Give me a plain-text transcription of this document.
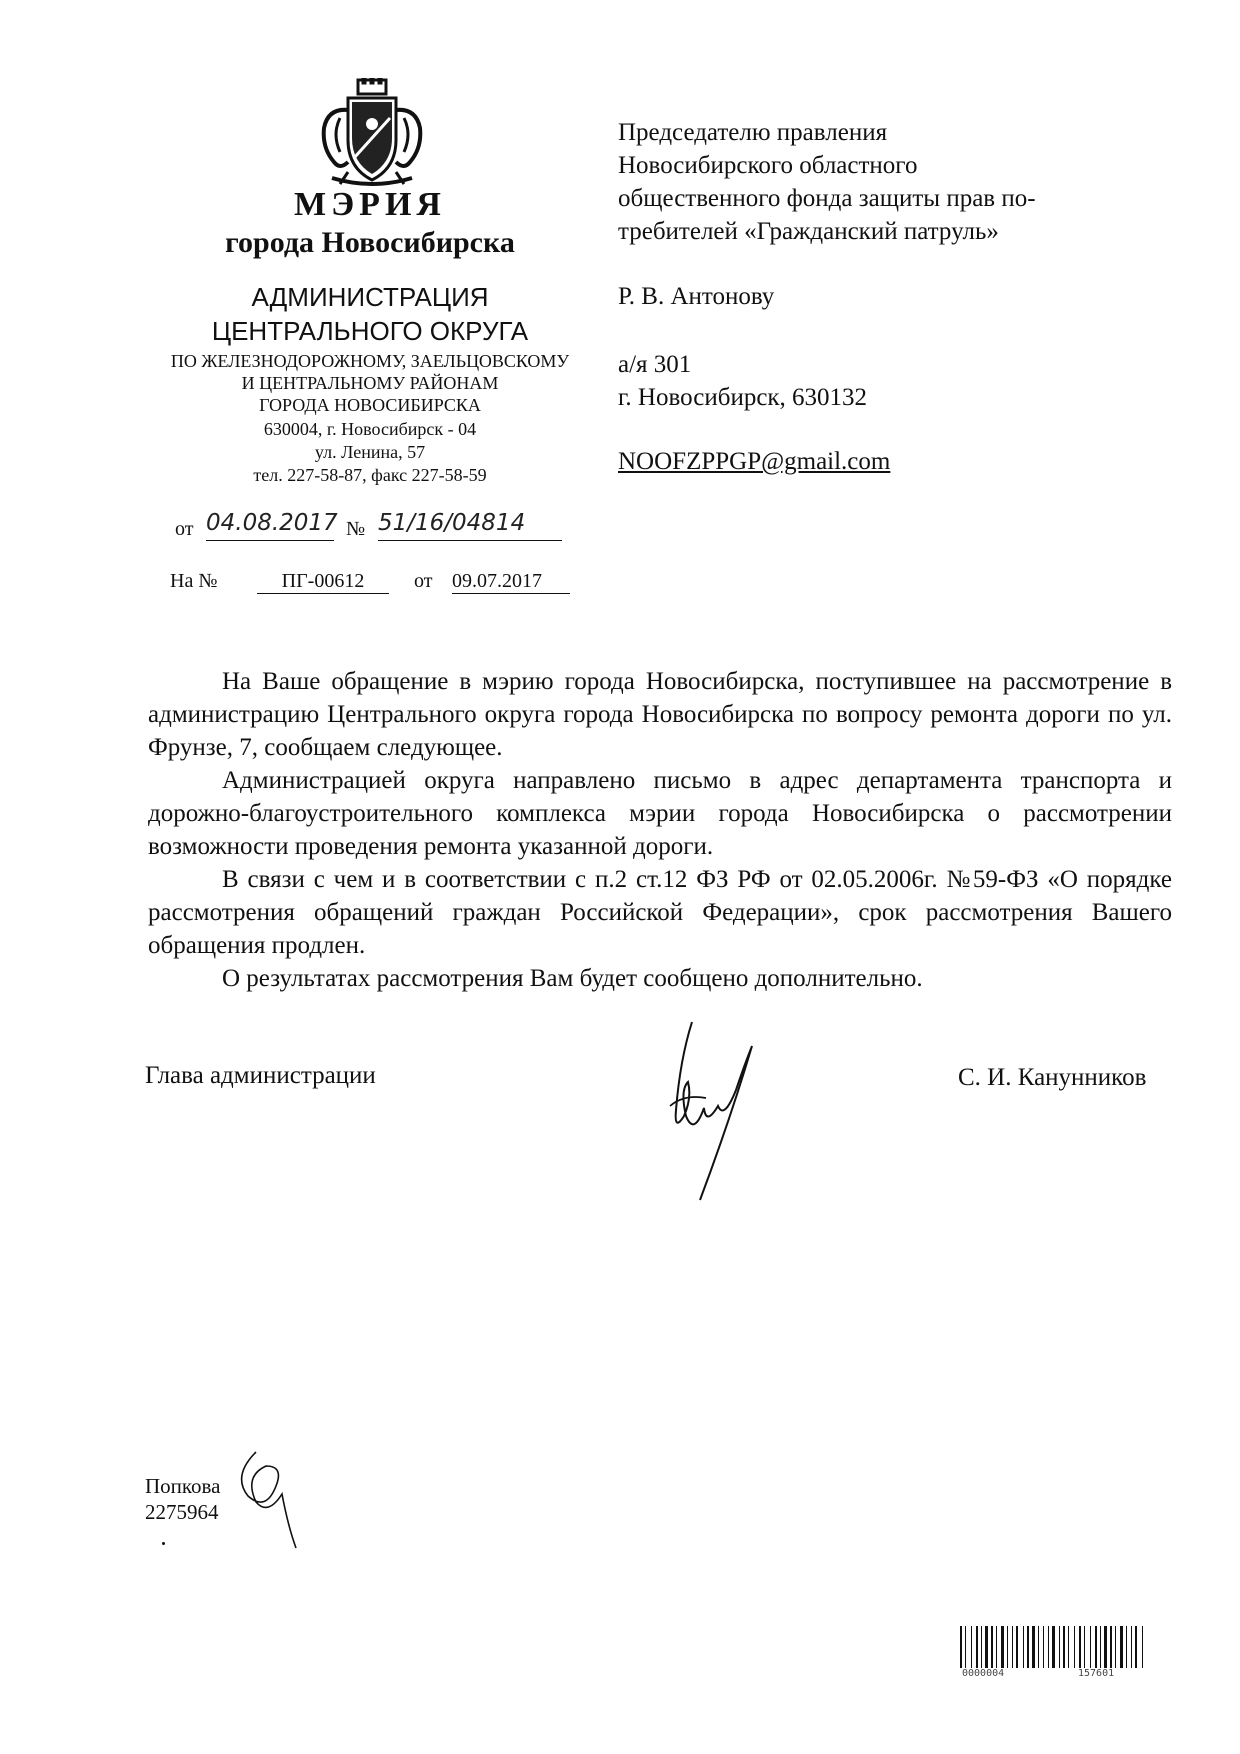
МЭРИЯ
города Новосибирска
АДМИНИСТРАЦИЯ
ЦЕНТРАЛЬНОГО ОКРУГА
ПО ЖЕЛЕЗНОДОРОЖНОМУ, ЗАЕЛЬЦОВСКОМУ
И ЦЕНТРАЛЬНОМУ РАЙОНАМ
ГОРОДА НОВОСИБИРСКА
630004, г. Новосибирск - 04
ул. Ленина, 57
тел. 227-58-87, факс 227-58-59
от 04.08.2017 № 51/16/04814
На №	ПГ-00612	от 09.07.2017
Председателю правления
Новосибирского областного
общественного фонда защиты прав по-
требителей «Гражданский патруль»
Р. В. Антонову
а/я 301
г. Новосибирск, 630132
NOOFZPPGP@gmail.com

На Ваше обращение в мэрию города Новосибирска, поступившее на рассмотрение в администрацию Центрального округа города Новосибирска по вопросу ремонта дороги по ул. Фрунзе, 7, сообщаем следующее.

Администрацией округа направлено письмо в адрес департамента транспорта и дорожно-благоустроительного комплекса мэрии города Новосибирска о рассмотрении возможности проведения ремонта указанной дороги.

В связи с чем и в соответствии с п.2 ст.12 ФЗ РФ от 02.05.2006г. №59-ФЗ «О порядке рассмотрения обращений граждан Российской Федерации», срок рассмотрения Вашего обращения продлен.

О результатах рассмотрения Вам будет сообщено дополнительно.

Глава администрации	С. И. Канунников
Попкова
2275964
0000004	157601
